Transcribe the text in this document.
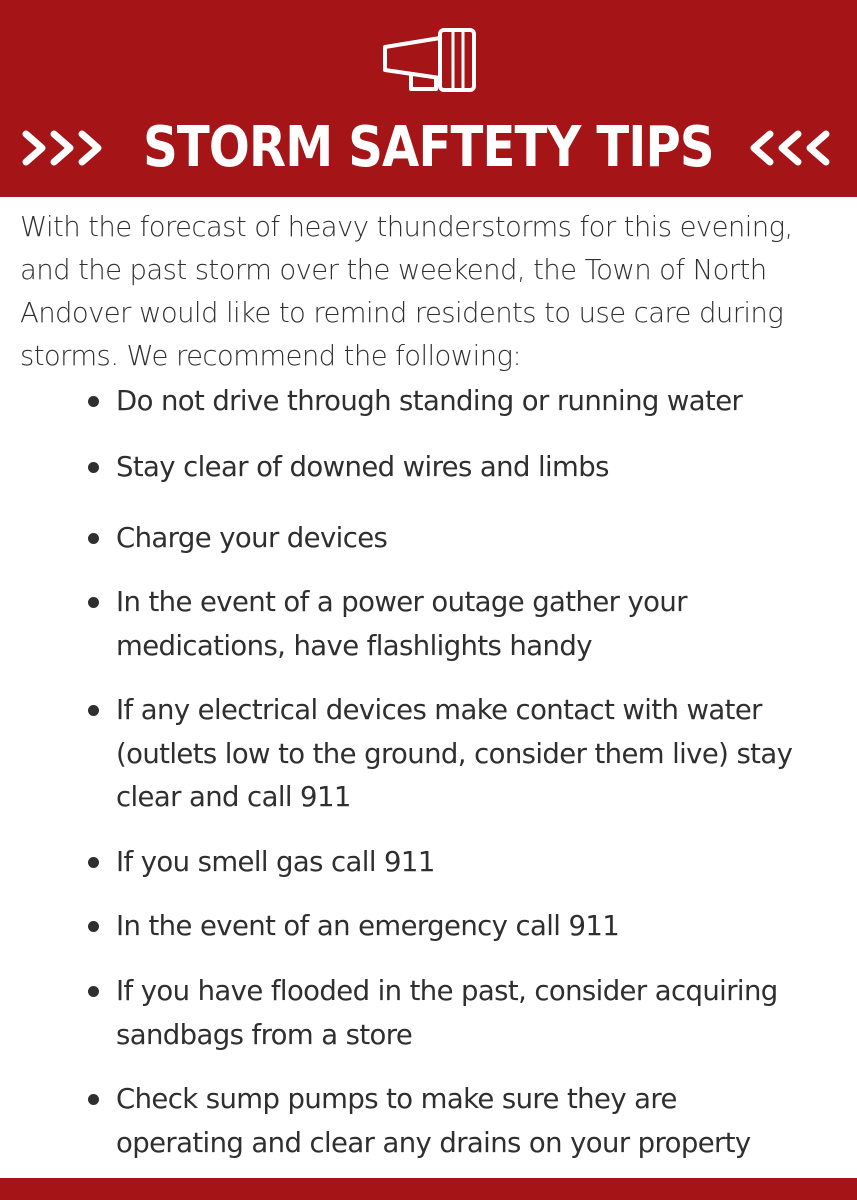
STORM SAFTETY TIPS

With the forecast of heavy thunderstorms for this evening, and the past storm over the weekend, the Town of North Andover would like to remind residents to use care during storms. We recommend the following:

Do not drive through standing or running water
Stay clear of downed wires and limbs
Charge your devices
In the event of a power outage gather your
medications, have flashlights handy
If any electrical devices make contact with water
(outlets low to the ground, consider them live) stay
clear and call 911
If you smell gas call 911
In the event of an emergency call 911
If you have flooded in the past, consider acquiring
sandbags from a store
Check sump pumps to make sure they are
operating and clear any drains on your property
